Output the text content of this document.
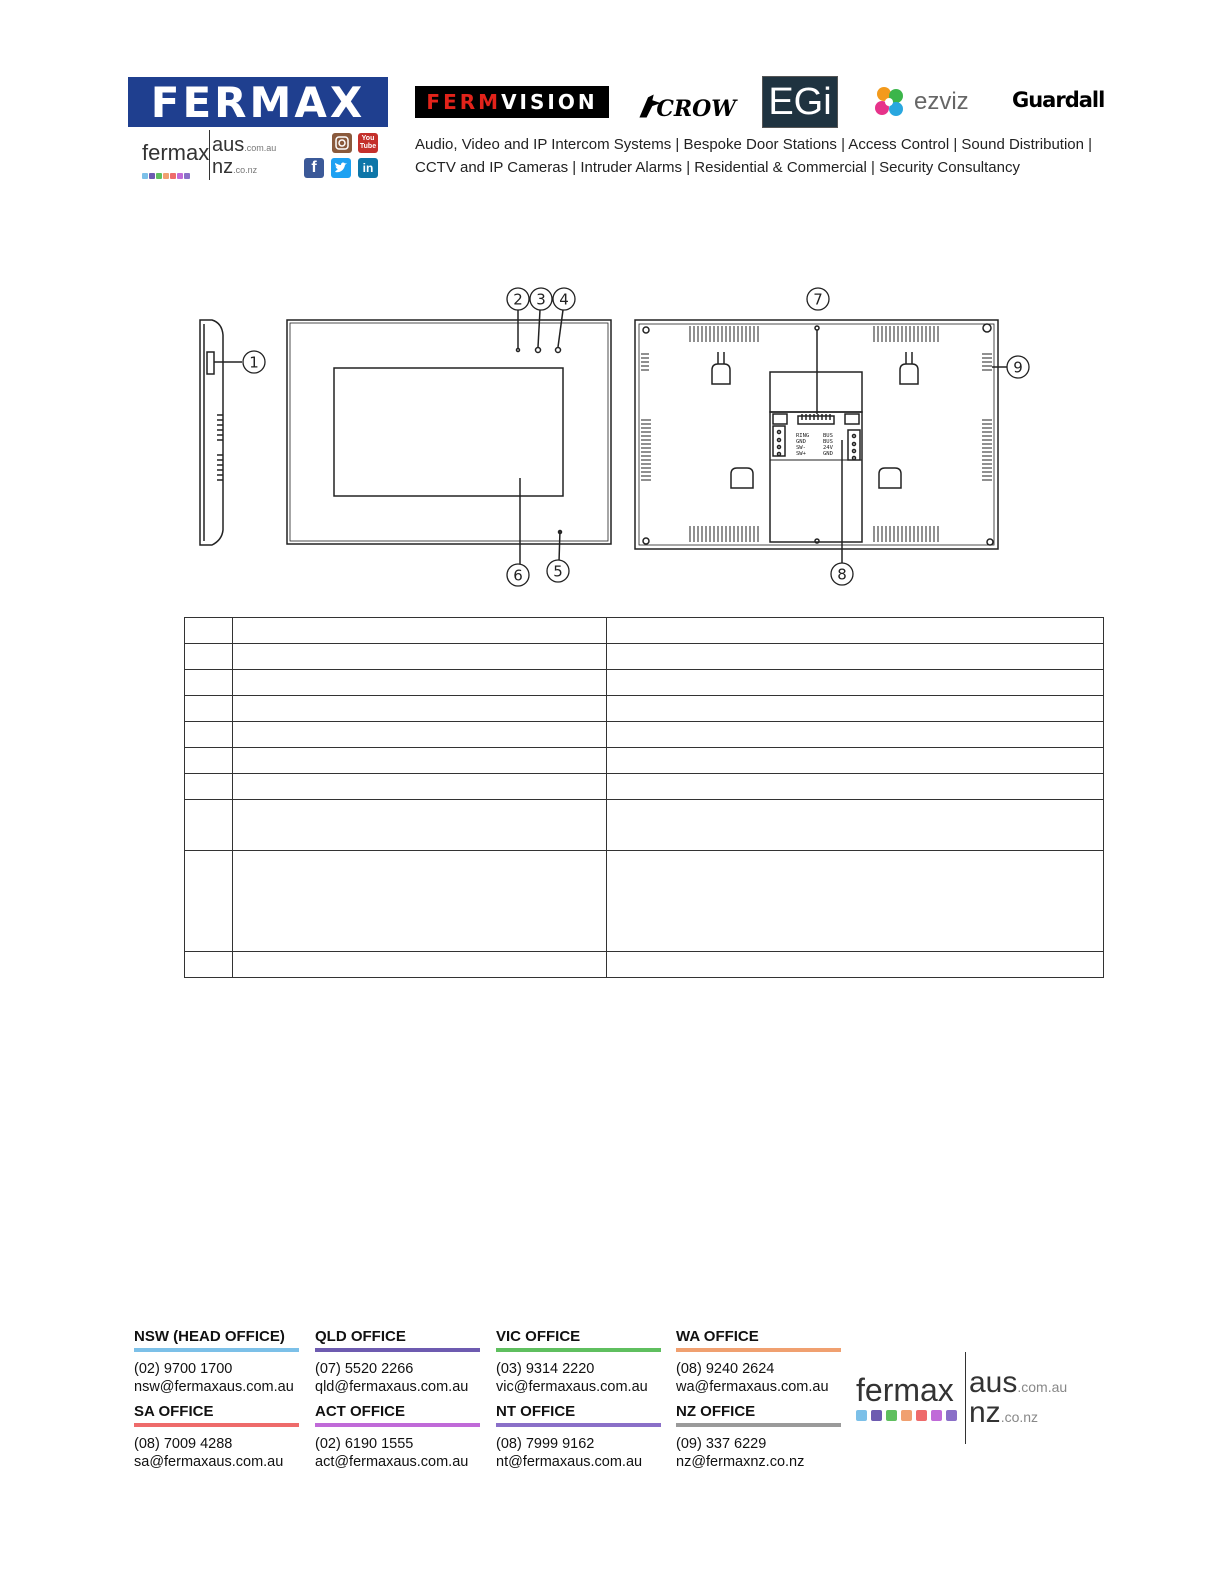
FERMAX	FERM VISION	CROW EGi	ezviz Guardall
fermax aus.com.au
nz.co.nz
You Tube
f	in
Audio, Video and IP Intercom Systems | Bespoke Door Stations | Access Control | Sound Distribution |
CCTV and IP Cameras | Intruder Alarms | Residential & Commercial | Security Consultancy
RING
GND
SW-
SW+
BUS
BUS
24V
GND
1
2 3 4
5
6
7
8
9

NSW (HEAD OFFICE)
(02) 9700 1700
nsw@fermaxaus.com.au
QLD OFFICE
(07) 5520 2266
qld@fermaxaus.com.au
VIC OFFICE
(03) 9314 2220
vic@fermaxaus.com.au
WA OFFICE
(08) 9240 2624
wa@fermaxaus.com.au
SA OFFICE
(08) 7009 4288
sa@fermaxaus.com.au
ACT OFFICE
(02) 6190 1555
act@fermaxaus.com.au
NT OFFICE
(08) 7999 9162
nt@fermaxaus.com.au
NZ OFFICE
(09) 337 6229
nz@fermaxnz.co.nz
fermax aus.com.au
nz.co.nz
